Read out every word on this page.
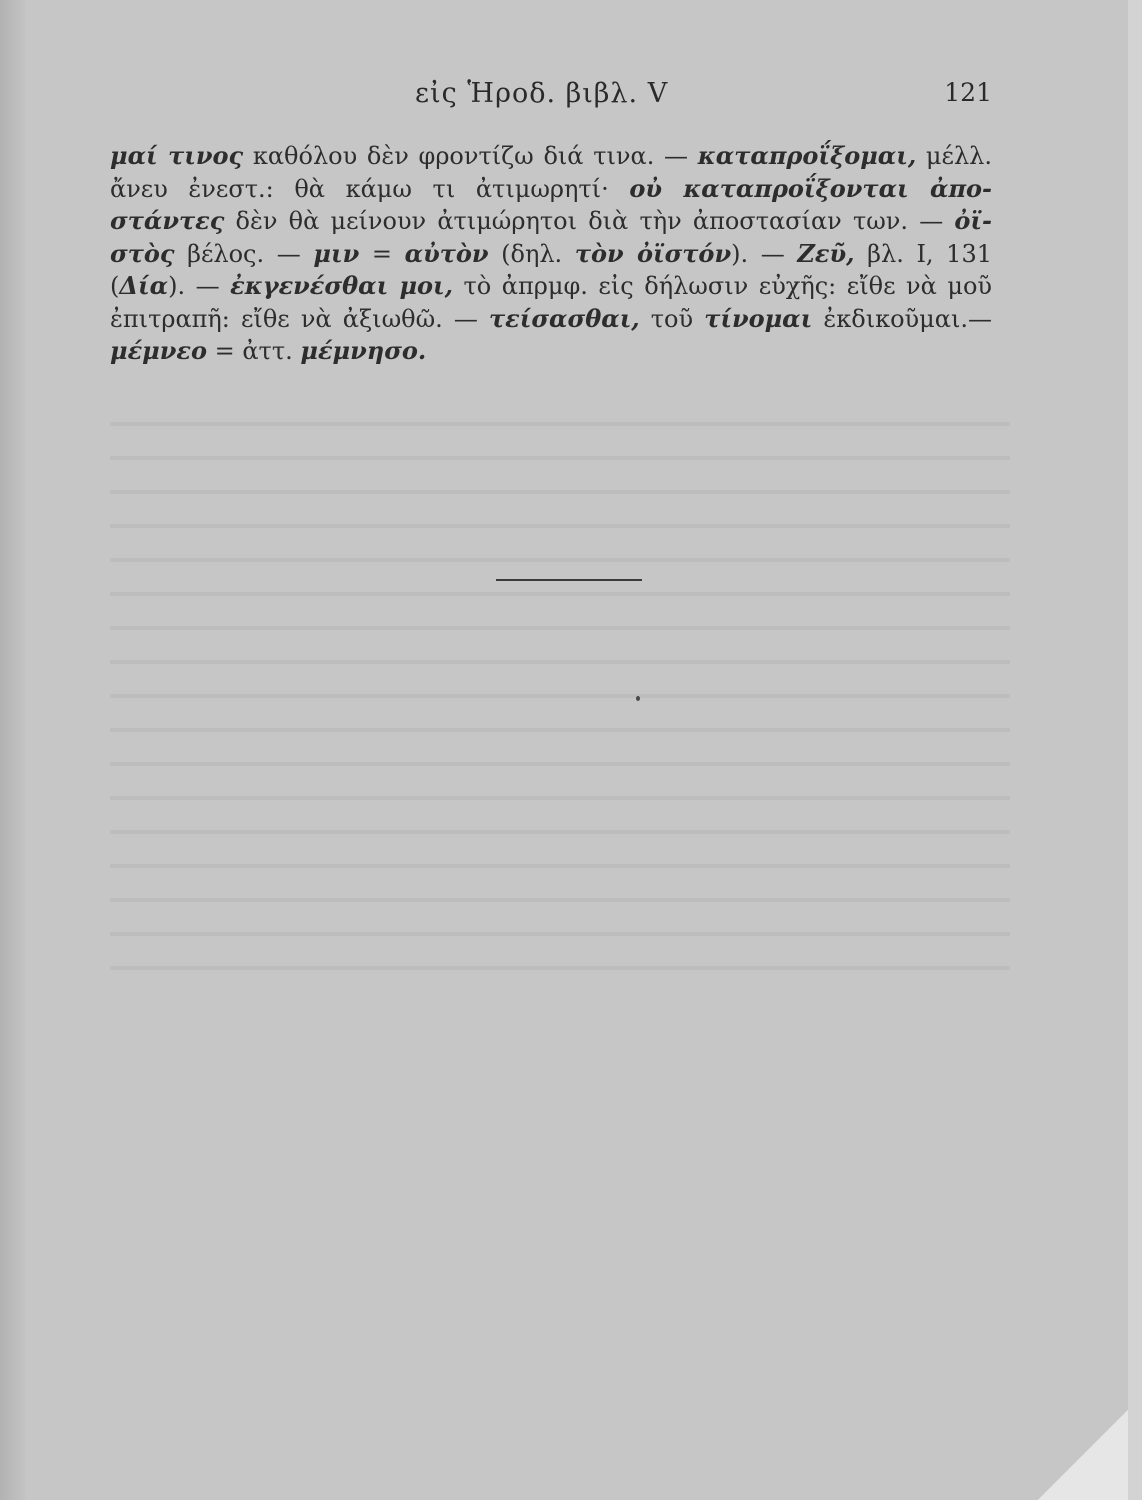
εἰς Ἡροδ. βιβλ. V	121
μαί τινος καθόλου δὲν φροντίζω διά τινα. — καταπροΐξομαι, μέλλ.
ἄνευ ἐνεστ.: θὰ κάμω τι ἀτιμωρητί· οὐ καταπροΐξονται ἀπο-
στάντες δὲν θὰ μείνουν ἀτιμώρητοι διὰ τὴν ἀποστασίαν των. — ὀϊ-
στὸς βέλος. — μιν = αὐτὸν (δηλ. τὸν ὀϊστόν). — Ζεῦ, βλ. I, 131
(Δία). — ἐκγενέσθαι μοι, τὸ ἀπρμφ. εἰς δήλωσιν εὐχῆς: εἴθε νὰ μοῦ
ἐπιτραπῆ: εἴθε νὰ ἀξιωθῶ. — τείσασθαι, τοῦ τίνομαι ἐκδικοῦμαι.—
μέμνεο = ἀττ. μέμνησο.
